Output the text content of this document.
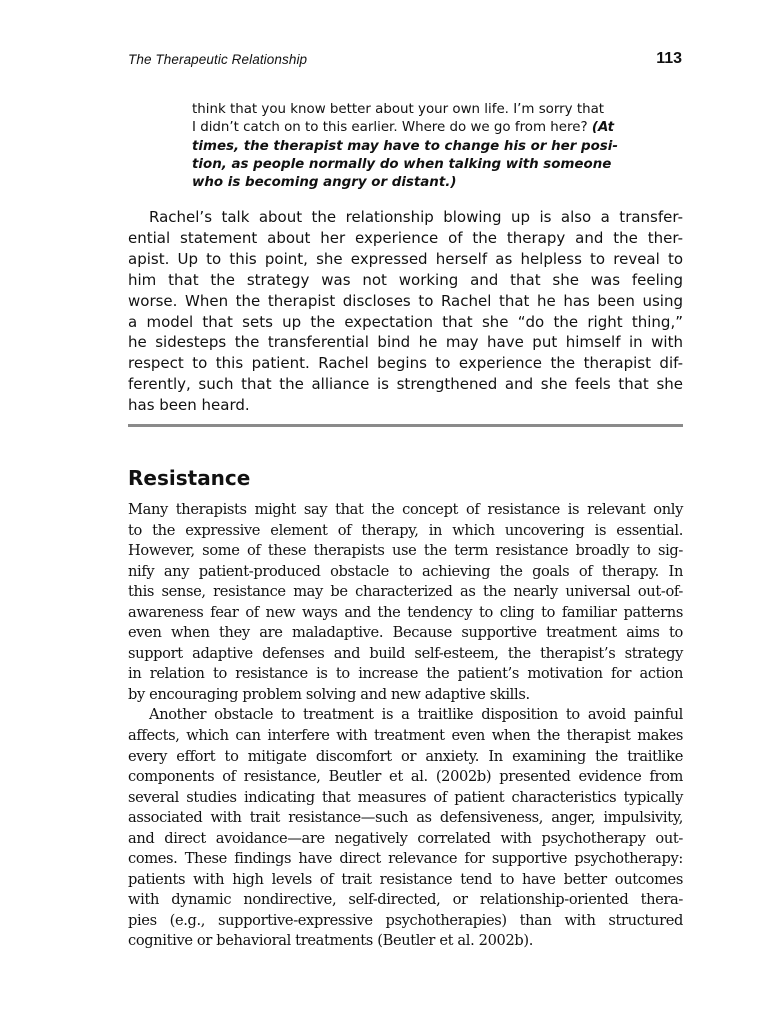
The Therapeutic Relationship	113
think that you know better about your own life. I’m sorry that
I didn’t catch on to this earlier. Where do we go from here? (At
times, the therapist may have to change his or her posi-
tion, as people normally do when talking with someone
who is becoming angry or distant.)
Rachel’s talk about the relationship blowing up is also a transfer-
ential statement about her experience of the therapy and the ther-
apist. Up to this point, she expressed herself as helpless to reveal to
him that the strategy was not working and that she was feeling
worse. When the therapist discloses to Rachel that he has been using
a model that sets up the expectation that she “do the right thing,”
he sidesteps the transferential bind he may have put himself in with
respect to this patient. Rachel begins to experience the therapist dif-
ferently, such that the alliance is strengthened and she feels that she
has been heard.
Resistance
Many therapists might say that the concept of resistance is relevant only
to the expressive element of therapy, in which uncovering is essential.
However, some of these therapists use the term resistance broadly to sig-
nify any patient-produced obstacle to achieving the goals of therapy. In
this sense, resistance may be characterized as the nearly universal out-of-
awareness fear of new ways and the tendency to cling to familiar patterns
even when they are maladaptive. Because supportive treatment aims to
support adaptive defenses and build self-esteem, the therapist’s strategy
in relation to resistance is to increase the patient’s motivation for action
by encouraging problem solving and new adaptive skills.
Another obstacle to treatment is a traitlike disposition to avoid painful
affects, which can interfere with treatment even when the therapist makes
every effort to mitigate discomfort or anxiety. In examining the traitlike
components of resistance, Beutler et al. (2002b) presented evidence from
several studies indicating that measures of patient characteristics typically
associated with trait resistance—such as defensiveness, anger, impulsivity,
and direct avoidance—are negatively correlated with psychotherapy out-
comes. These findings have direct relevance for supportive psychotherapy:
patients with high levels of trait resistance tend to have better outcomes
with dynamic nondirective, self-directed, or relationship-oriented thera-
pies (e.g., supportive-expressive psychotherapies) than with structured
cognitive or behavioral treatments (Beutler et al. 2002b).
